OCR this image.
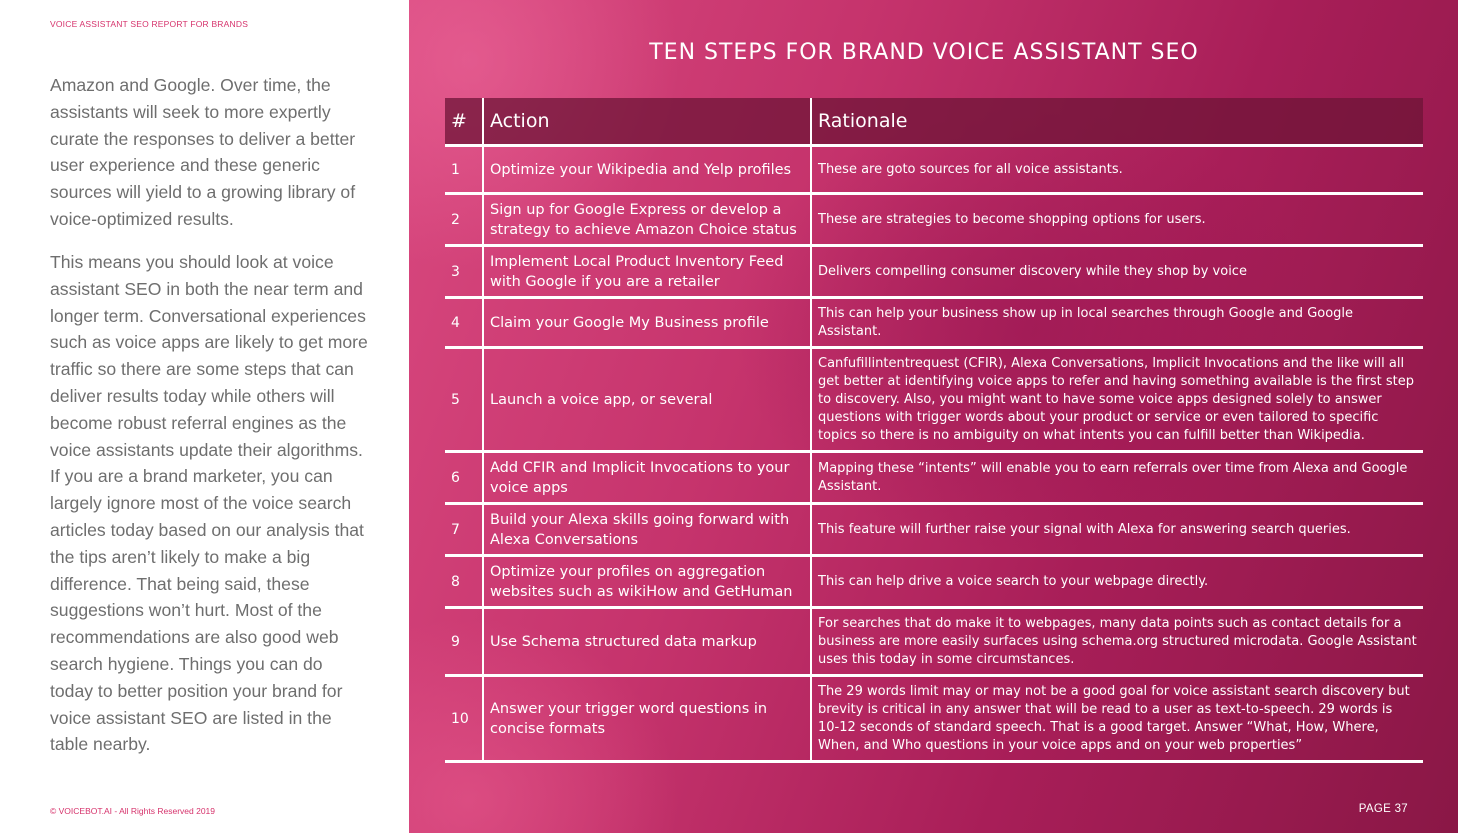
VOICE ASSISTANT SEO REPORT FOR BRANDS

Amazon and Google. Over time, the assistants will seek to more expertly curate the responses to deliver a better user experience and these generic sources will yield to a growing library of voice-optimized results.

This means you should look at voice assistant SEO in both the near term and longer term. Conversational experiences such as voice apps are likely to get more traffic so there are some steps that can deliver results today while others will become robust referral engines as the voice assistants update their algorithms. If you are a brand marketer, you can largely ignore most of the voice search articles today based on our analysis that the tips aren’t likely to make a big difference. That being said, these suggestions won’t hurt. Most of the recommendations are also good web search hygiene. Things you can do today to better position your brand for voice assistant SEO are listed in the table nearby.

© VOICEBOT.AI - All Rights Reserved 2019
TEN STEPS FOR BRAND VOICE ASSISTANT SEO
#	Action	Rationale
1	Optimize your Wikipedia and Yelp profiles	These are goto sources for all voice assistants.
2	Sign up for Google Express or develop a strategy to achieve Amazon Choice status	These are strategies to become shopping options for users.
3	Implement Local Product Inventory Feed with Google if you are a retailer	Delivers compelling consumer discovery while they shop by voice
4	Claim your Google My Business profile	This can help your business show up in local searches through Google and Google Assistant.
5	Launch a voice app, or several	Canfufillintentrequest (CFIR), Alexa Conversations, Implicit Invocations and the like will all get better at identifying voice apps to refer and having something available is the first step to discovery. Also, you might want to have some voice apps designed solely to answer questions with trigger words about your product or service or even tailored to specific topics so there is no ambiguity on what intents you can fulfill better than Wikipedia.
6	Add CFIR and Implicit Invocations to your voice apps	Mapping these “intents” will enable you to earn referrals over time from Alexa and Google Assistant.
7	Build your Alexa skills going forward with Alexa Conversations	This feature will further raise your signal with Alexa for answering search queries.
8	Optimize your profiles on aggregation websites such as wikiHow and GetHuman	This can help drive a voice search to your webpage directly.
9	Use Schema structured data markup	For searches that do make it to webpages, many data points such as contact details for a business are more easily surfaces using schema.org structured microdata. Google Assistant uses this today in some circumstances.
10	Answer your trigger word questions in concise formats	The 29 words limit may or may not be a good goal for voice assistant search discovery but brevity is critical in any answer that will be read to a user as text-to-speech. 29 words is 10-12 seconds of standard speech. That is a good target. Answer “What, How, Where, When, and Who questions in your voice apps and on your web properties”
PAGE 37
